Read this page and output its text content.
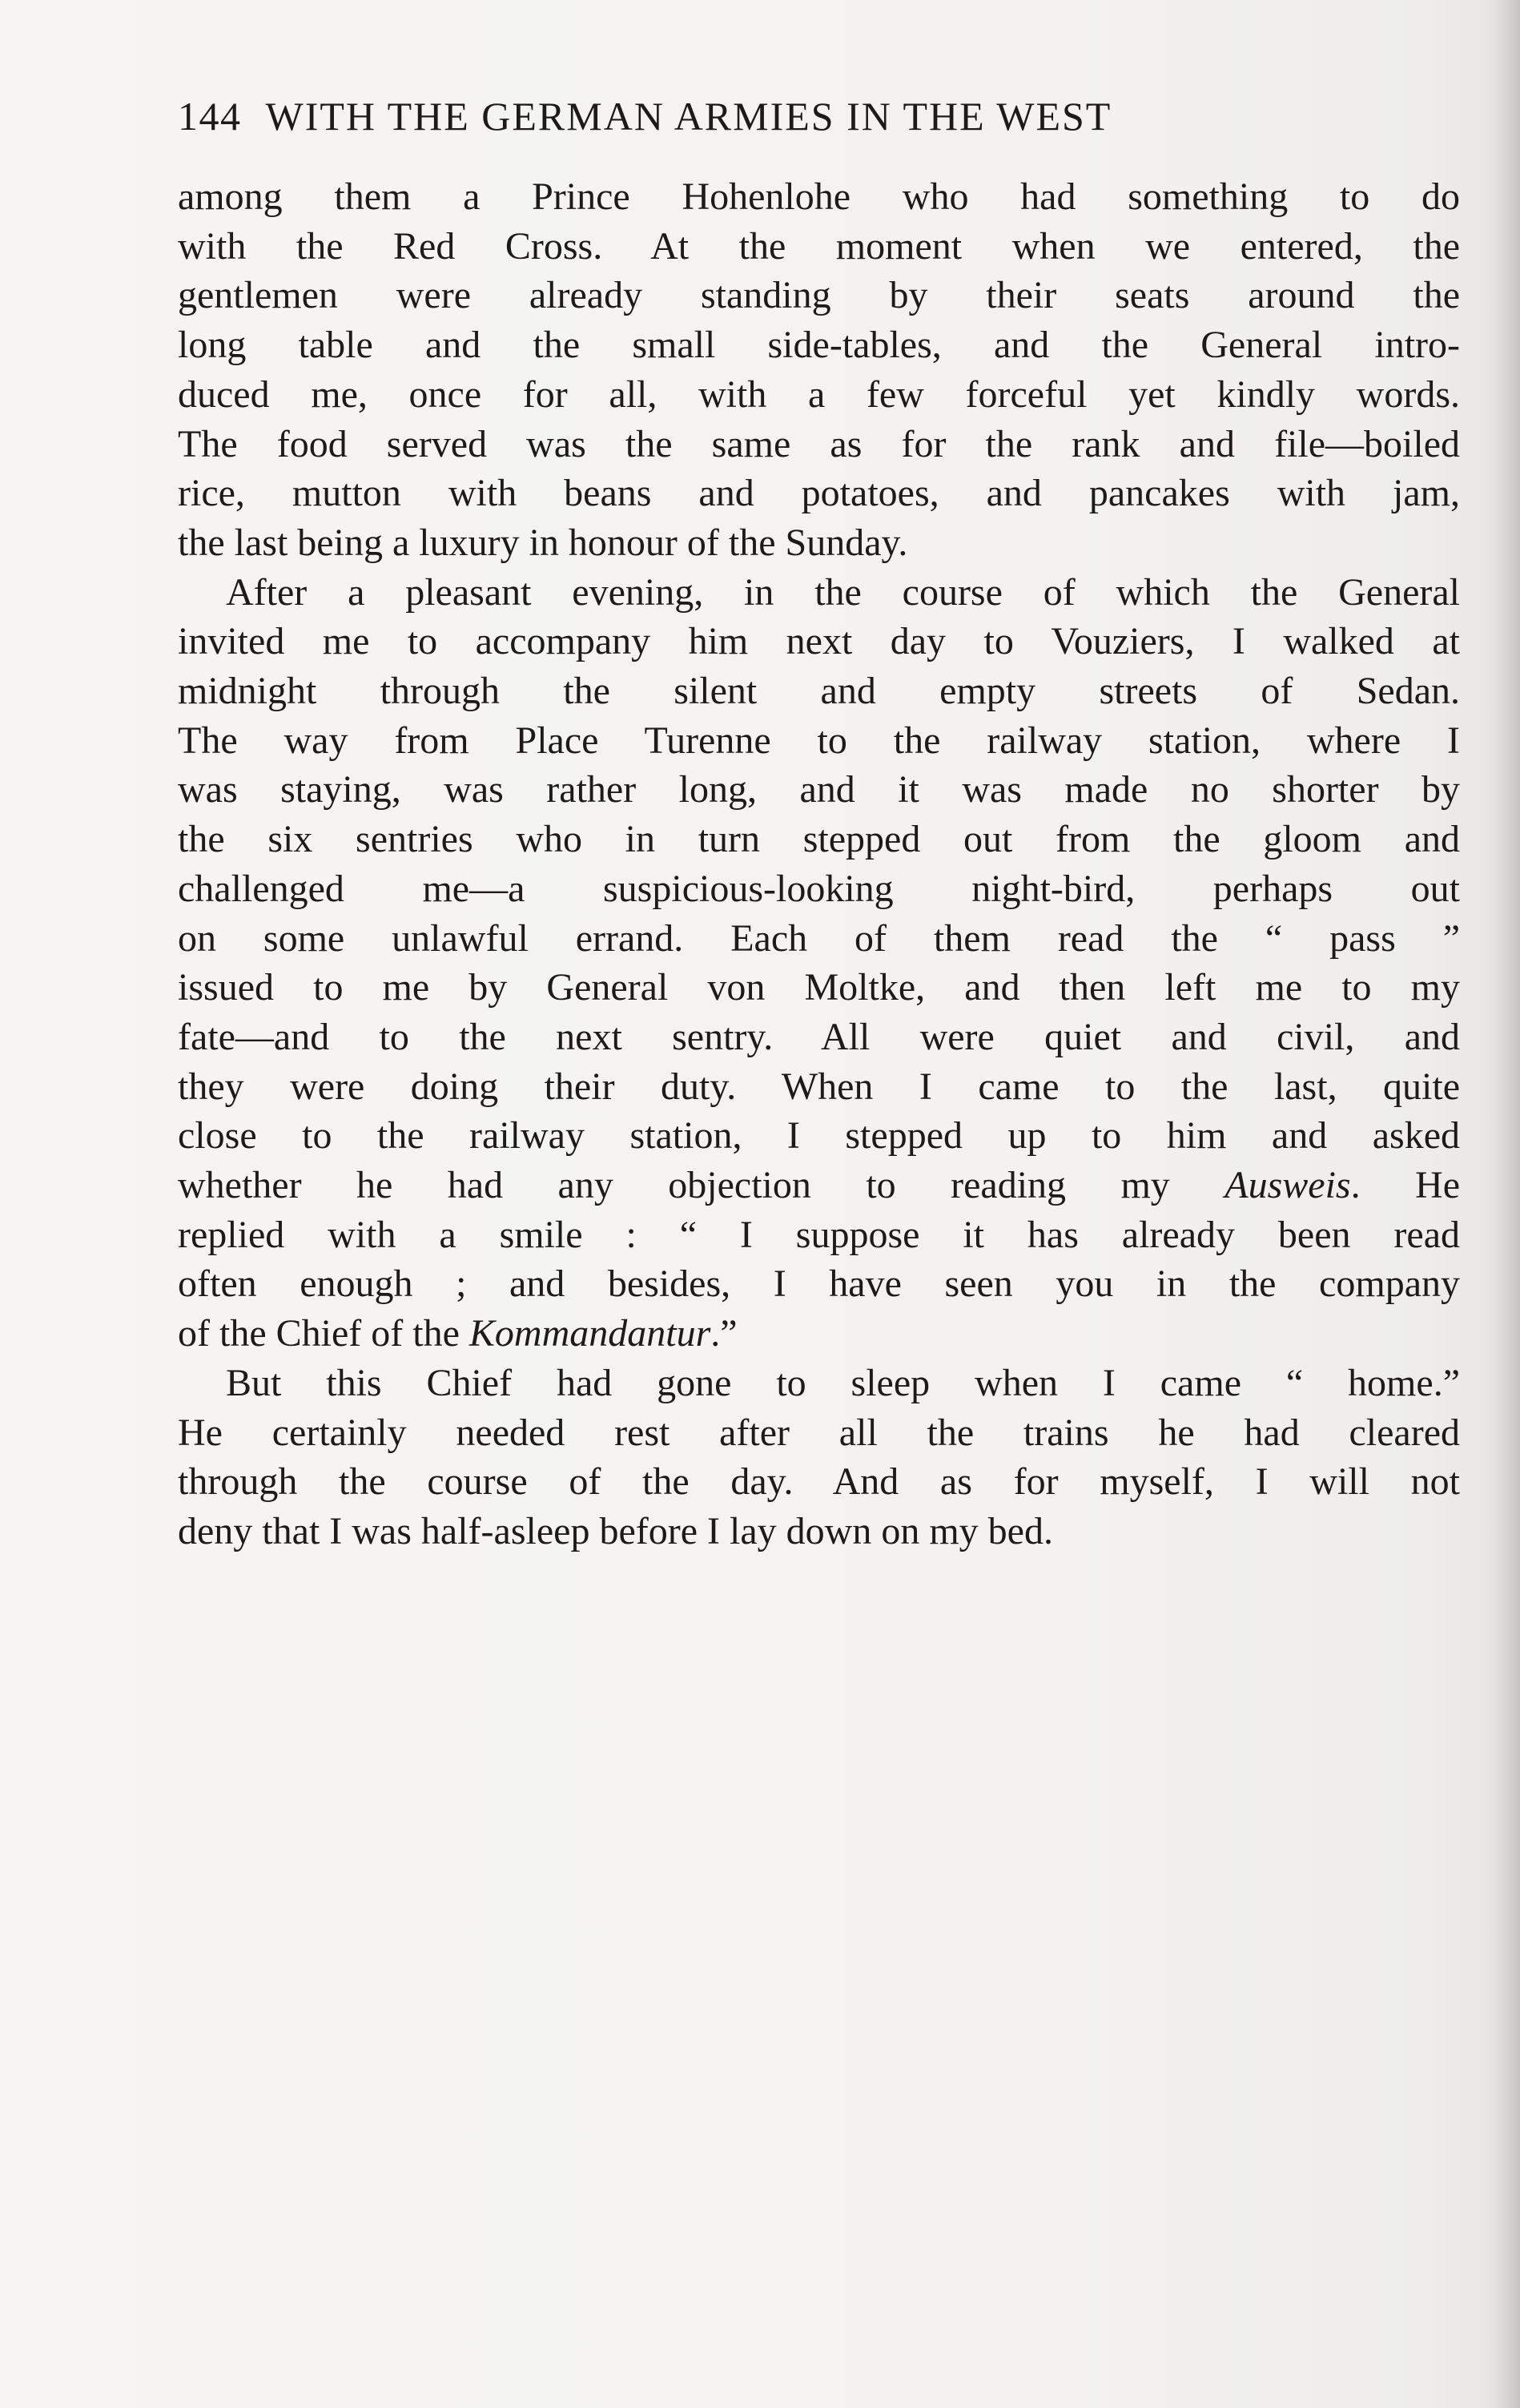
144 WITH THE GERMAN ARMIES IN THE WEST
among them a Prince Hohenlohe who had something to do
with the Red Cross. At the moment when we entered, the
gentlemen were already standing by their seats around the
long table and the small side-tables, and the General intro-
duced me, once for all, with a few forceful yet kindly words.
The food served was the same as for the rank and file—boiled
rice, mutton with beans and potatoes, and pancakes with jam,
the last being a luxury in honour of the Sunday.
After a pleasant evening, in the course of which the General
invited me to accompany him next day to Vouziers, I walked at
midnight through the silent and empty streets of Sedan.
The way from Place Turenne to the railway station, where I
was staying, was rather long, and it was made no shorter by
the six sentries who in turn stepped out from the gloom and
challenged me—a suspicious-looking night-bird, perhaps out
on some unlawful errand. Each of them read the “ pass ”
issued to me by General von Moltke, and then left me to my
fate—and to the next sentry. All were quiet and civil, and
they were doing their duty. When I came to the last, quite
close to the railway station, I stepped up to him and asked
whether he had any objection to reading my Ausweis. He
replied with a smile : “ I suppose it has already been read
often enough ; and besides, I have seen you in the company
of the Chief of the Kommandantur.”
But this Chief had gone to sleep when I came “ home.”
He certainly needed rest after all the trains he had cleared
through the course of the day. And as for myself, I will not
deny that I was half-asleep before I lay down on my bed.
